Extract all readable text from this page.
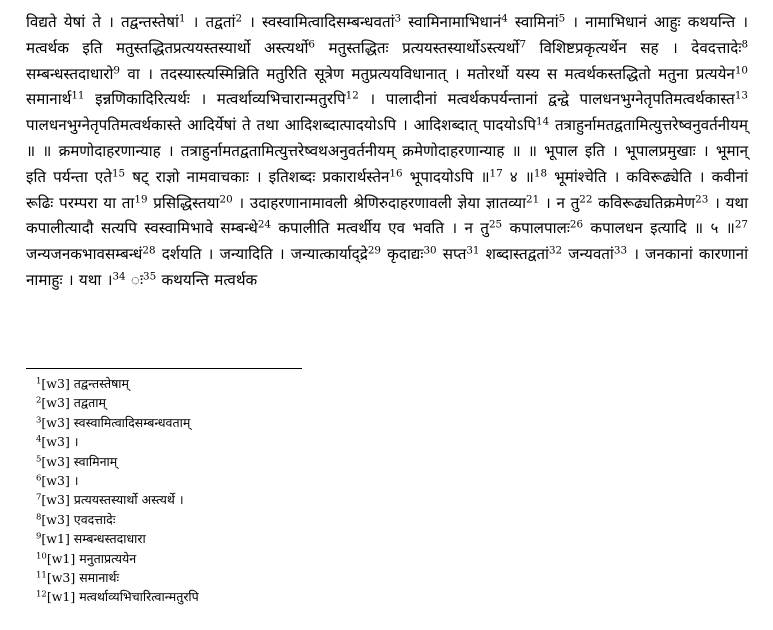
विद्यते येषां ते । तद्वन्तस्तेषां$^1$ । तद्वतां$^2$ । स्वस्वामित्वादिसम्बन्धवतां$^3$ स्वामिनामाभिधानं$^4$ स्वामिनां$^5$ । नामाभिधानं आहुः कथयन्ति । मत्वर्थक इति मतुस्तद्धितप्रत्ययस्तस्यार्थो अस्त्यर्थो$^6$ मतुस्तद्धितः प्रत्ययस्तस्यार्थोऽस्त्यर्थो$^7$ विशिष्टप्रकृत्यर्थेन सह । देवदत्तादेः$^8$ सम्बन्धस्तदाधारो$^9$ वा । तदस्यास्त्यस्मिन्निति मतुरिति सूत्रेण मतुप्रत्ययविधानात् । मतोरर्थो यस्य स मत्वर्थकस्तद्धितो मतुना प्रत्ययेन$^{10}$ समानार्थ$^{11}$ इन्नणिकादिरित्यर्थः । मत्वर्थाव्यभिचारान्मतुरपि$^{12}$ । पालादीनां मत्वर्थकपर्यन्तानां द्वन्द्वे पालधनभुग्नेतृपतिमत्वर्थकास्त$^{13}$ पालधनभुग्नेतृपतिमत्वर्थकास्ते आदिर्येषां ते तथा आदिशब्दात्पादयोऽपि । आदिशब्दात् पादयोऽपि$^{14}$ तत्राहुर्नामतद्वतामित्युत्तरेष्वनुवर्तनीयम् ॥ ॥ क्रमणोदाहरणान्याह । तत्राहुर्नामतद्वतामित्युत्तरेष्वथअनुवर्तनीयम् क्रमेणोदाहरणान्याह ॥ ॥ भूपाल इति । भूपालप्रमुखाः । भूमान् इति पर्यन्ता एते$^{15}$ षट् राज्ञो नामवाचकाः । इतिशब्दः प्रकारार्थस्तेन$^{16}$ भूपादयोऽपि ॥$^{17}$ ४ ॥$^{18}$ भूमांश्चेति । कविरूढ्येति । कवीनां रूढिः परम्परा या ता$^{19}$ प्रसिद्धिस्तया$^{20}$ । उदाहरणानामावली श्रेणिरुदाहरणावली ज्ञेया ज्ञातव्या$^{21}$ । न तु$^{22}$ कविरूढ्यतिक्रमेण$^{23}$ । यथा कपालीत्यादौ सत्यपि स्वस्वामिभावे सम्बन्धे$^{24}$ कपालीति मत्वर्थीय एव भवति । न तु$^{25}$ कपालपालः$^{26}$ कपालधन इत्यादि ॥ ५ ॥$^{27}$ जन्यजनकभावसम्बन्धं$^{28}$ दर्शयति । जन्यादिति । जन्यात्कार्याद्द्रे$^{29}$ कृदाद्यः$^{30}$ सप्त$^{31}$ शब्दास्तद्वतां$^{32}$ जन्यवतां$^{33}$ । जनकानां कारणानां नामाहुः । यथा ।$^{34}$ ◌ः$^{35}$ कथयन्ति मत्वर्थक
$^1$[w3] तद्वन्तस्तेषाम्
$^2$[w3] तद्वताम्
$^3$[w3] स्वस्वामित्वादिसम्बन्धवताम्
$^4$[w3] ।
$^5$[w3] स्वामिनाम्
$^6$[w3] ।
$^7$[w3] प्रत्ययस्तस्यार्थो अस्त्यर्थे ।
$^8$[w3] एवदत्तादेः
$^9$[w1] सम्बन्धस्तदाधारा
$^{10}$[w1] मनुताप्रत्ययेन
$^{11}$[w3] समानार्थः
$^{12}$[w1] मत्वर्थाव्यभिचारित्वान्मतुरपि
